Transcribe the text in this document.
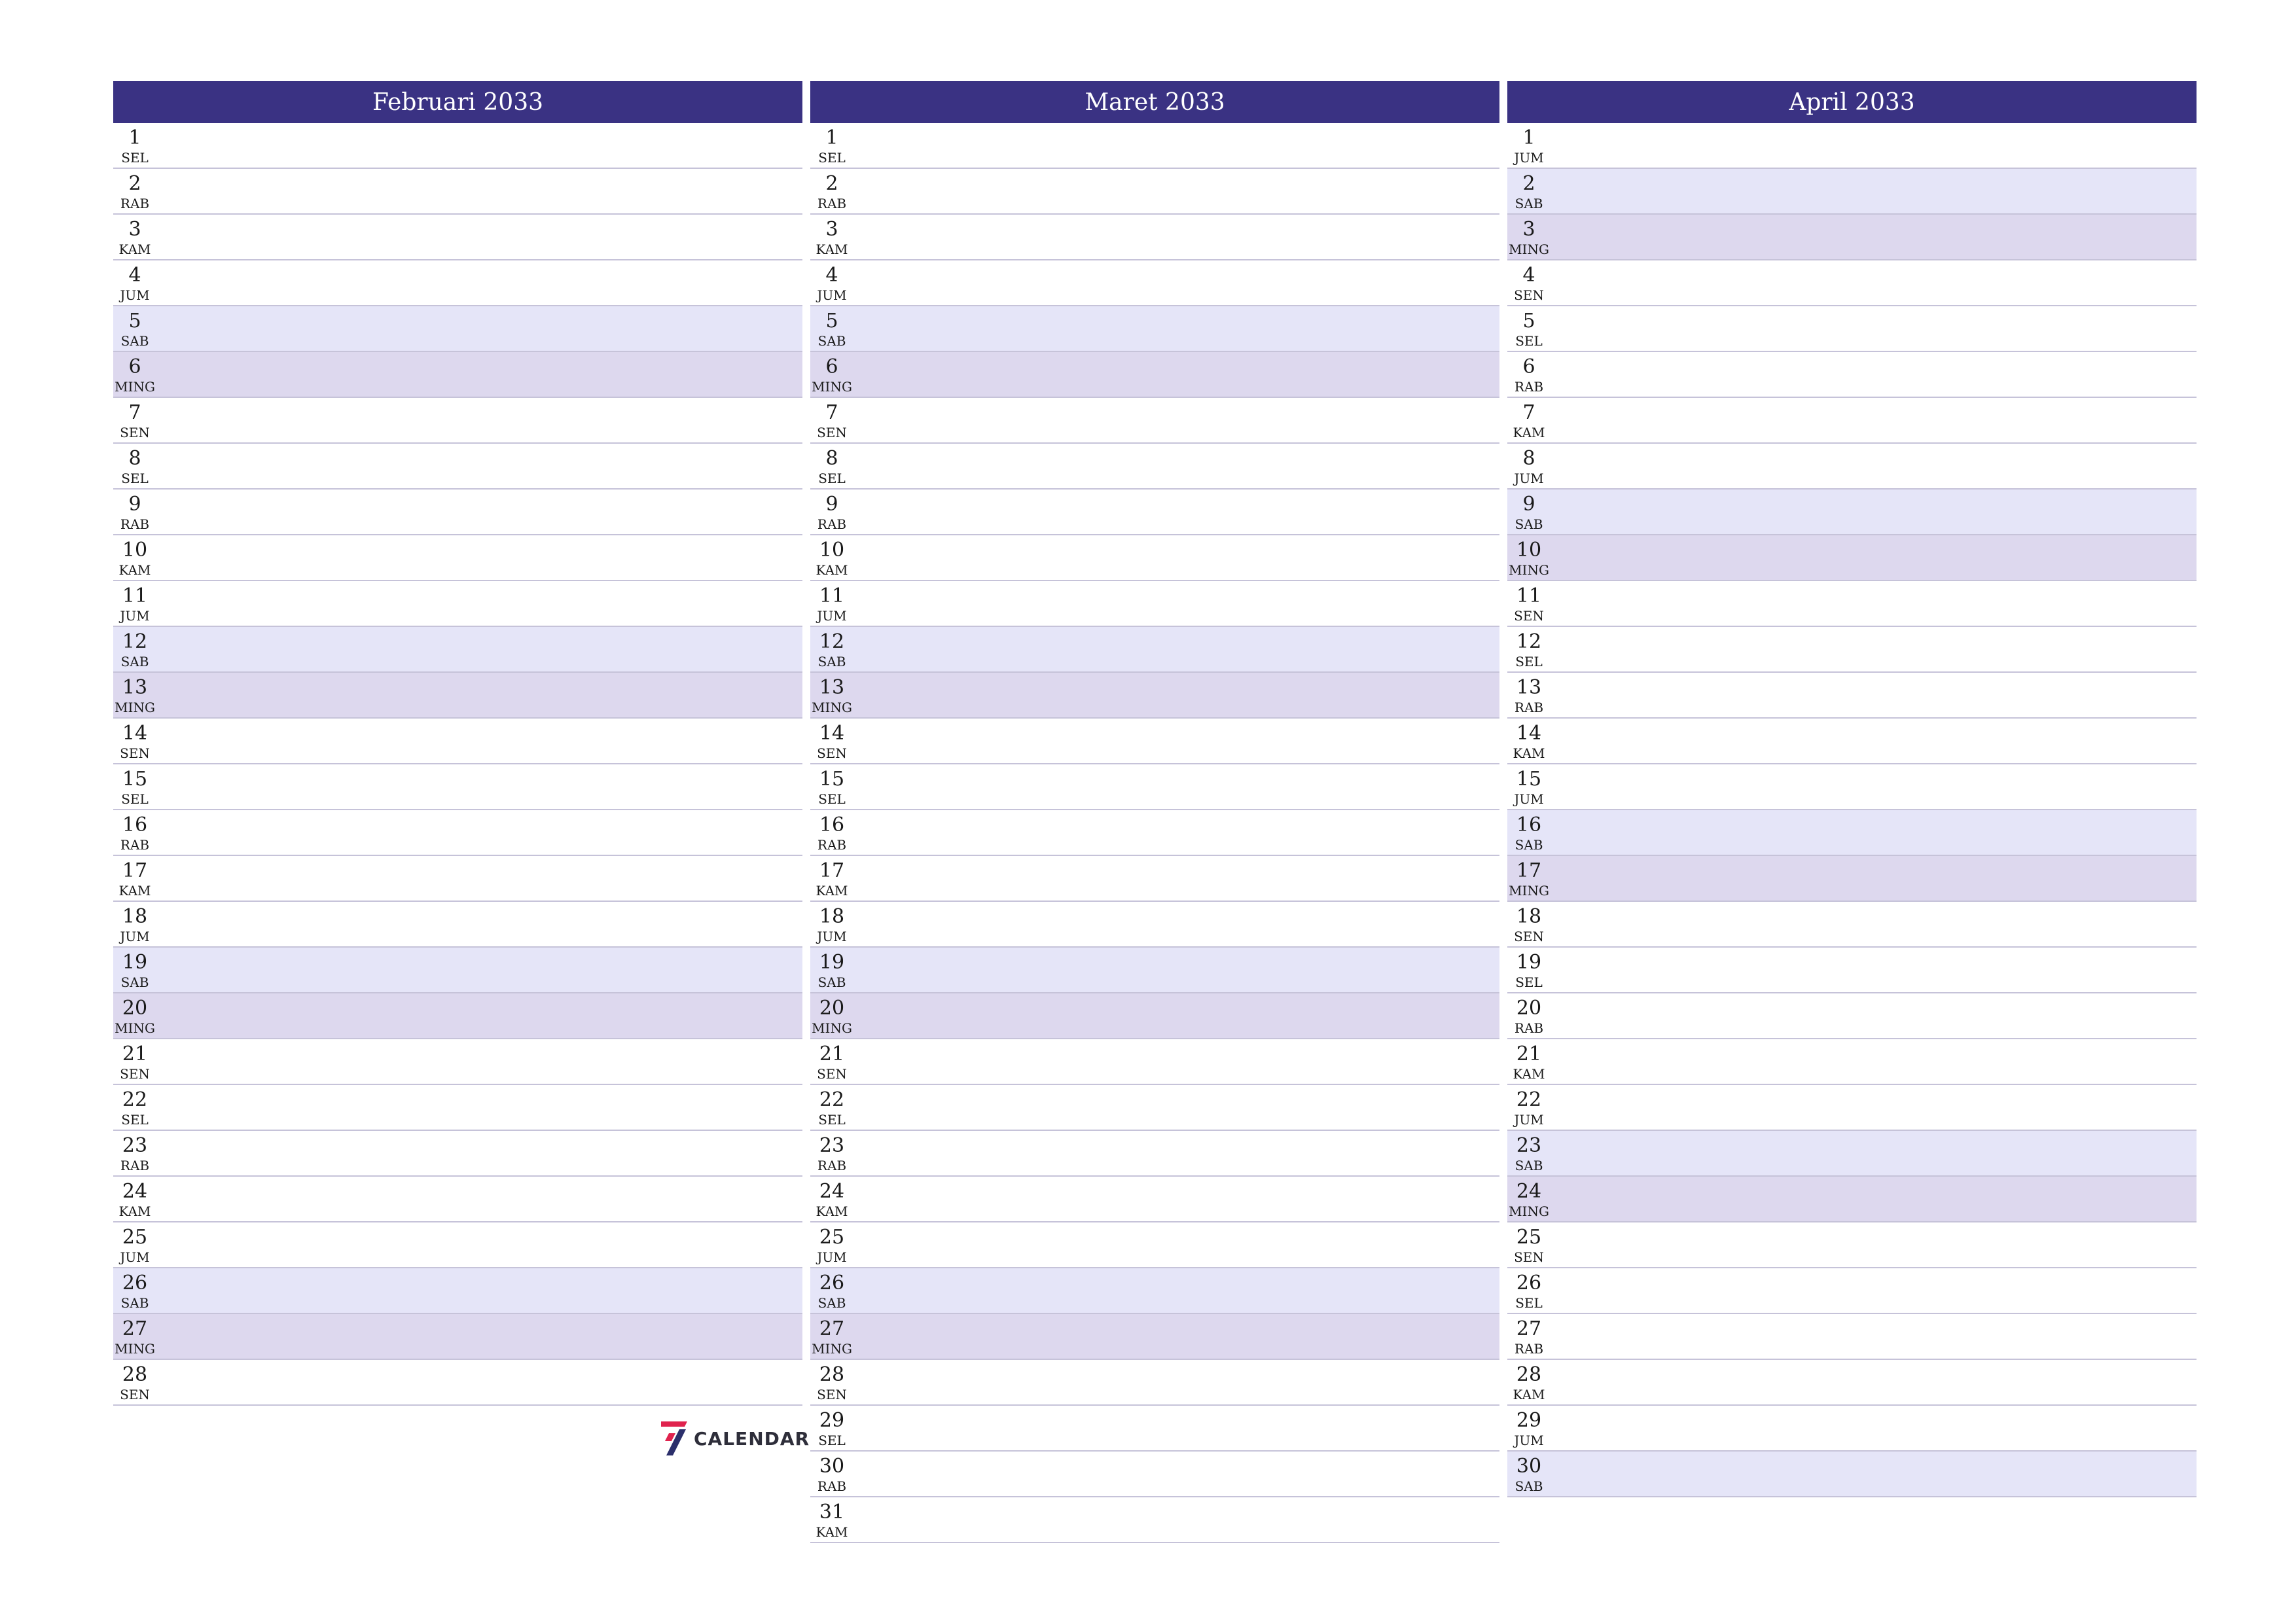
Februari 2033
1
SEL
2
RAB
3
KAM
4
JUM
5
SAB
6
MING
7
SEN
8
SEL
9
RAB
10
KAM
11
JUM
12
SAB
13
MING
14
SEN
15
SEL
16
RAB
17
KAM
18
JUM
19
SAB
20
MING
21
SEN
22
SEL
23
RAB
24
KAM
25
JUM
26
SAB
27
MING
28
SEN
Maret 2033
1
SEL
2
RAB
3
KAM
4
JUM
5
SAB
6
MING
7
SEN
8
SEL
9
RAB
10
KAM
11
JUM
12
SAB
13
MING
14
SEN
15
SEL
16
RAB
17
KAM
18
JUM
19
SAB
20
MING
21
SEN
22
SEL
23
RAB
24
KAM
25
JUM
26
SAB
27
MING
28
SEN
29
SEL
30
RAB
31
KAM
April 2033
1
JUM
2
SAB
3
MING
4
SEN
5
SEL
6
RAB
7
KAM
8
JUM
9
SAB
10
MING
11
SEN
12
SEL
13
RAB
14
KAM
15
JUM
16
SAB
17
MING
18
SEN
19
SEL
20
RAB
21
KAM
22
JUM
23
SAB
24
MING
25
SEN
26
SEL
27
RAB
28
KAM
29
JUM
30
SAB
CALENDAR
